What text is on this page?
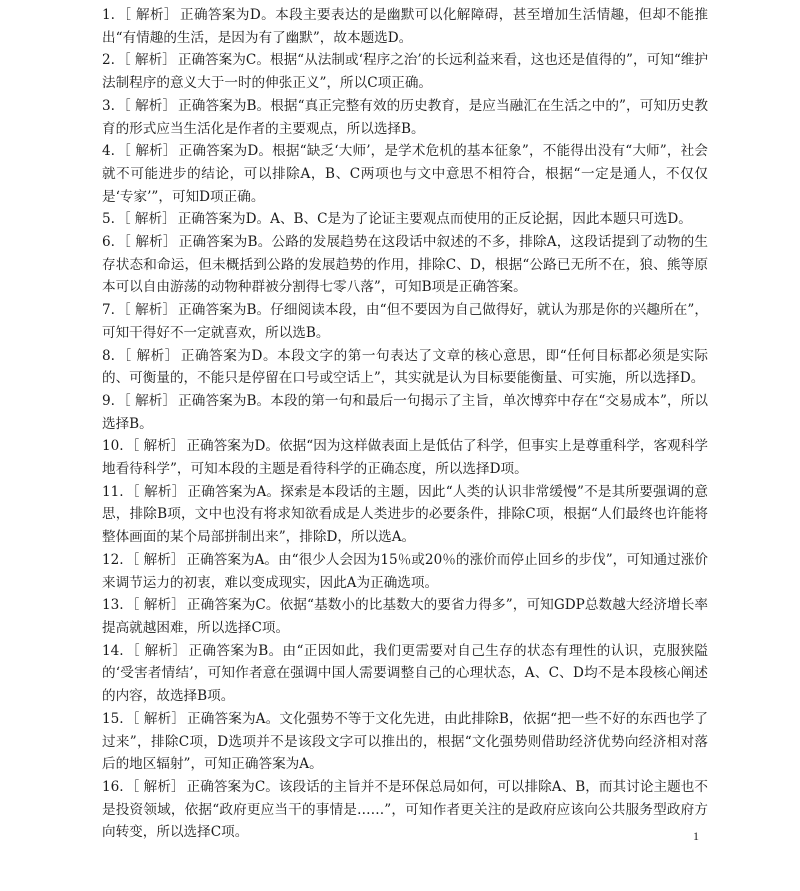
1. ［ 解析］ 正确答案为D。本段主要表达的是幽默可以化解障碍，甚至增加生活情趣，但却不能推出“有情趣的生活，是因为有了幽默”，故本题选D。

2. ［ 解析］ 正确答案为C。根据“从法制或‘程序之治’的长远利益来看，这也还是值得的”，可知“维护法制程序的意义大于一时的伸张正义”，所以C项正确。

3. ［ 解析］ 正确答案为B。根据“真正完整有效的历史教育，是应当融汇在生活之中的”，可知历史教育的形式应当生活化是作者的主要观点，所以选择B。

4. ［ 解析］ 正确答案为D。根据“缺乏‘大师’，是学术危机的基本征象”，不能得出没有“大师”，社会就不可能进步的结论，可以排除A，B、C两项也与文中意思不相符合，根据“一定是通人，不仅仅是‘专家’”，可知D项正确。

5. ［ 解析］ 正确答案为D。A、B、C是为了论证主要观点而使用的正反论据，因此本题只可选D。

6. ［ 解析］ 正确答案为B。公路的发展趋势在这段话中叙述的不多，排除A，这段话提到了动物的生存状态和命运，但未概括到公路的发展趋势的作用，排除C、D，根据“公路已无所不在，狼、熊等原本可以自由游荡的动物种群被分割得七零八落”，可知B项是正确答案。

7. ［ 解析］ 正确答案为B。仔细阅读本段，由“但不要因为自己做得好，就认为那是你的兴趣所在”，可知干得好不一定就喜欢，所以选B。

8. ［ 解析］ 正确答案为D。本段文字的第一句表达了文章的核心意思，即“任何目标都必须是实际的、可衡量的，不能只是停留在口号或空话上”，其实就是认为目标要能衡量、可实施，所以选择D。

9. ［ 解析］ 正确答案为B。本段的第一句和最后一句揭示了主旨，单次博弈中存在“交易成本”，所以选择B。

10. ［ 解析］ 正确答案为D。依据“因为这样做表面上是低估了科学，但事实上是尊重科学，客观科学地看待科学”，可知本段的主题是看待科学的正确态度，所以选择D项。

11. ［ 解析］ 正确答案为A。探索是本段话的主题，因此“人类的认识非常缓慢”不是其所要强调的意思，排除B项，文中也没有将求知欲看成是人类进步的必要条件，排除C项，根据“人们最终也许能将整体画面的某个局部拼制出来”，排除D，所以选A。

12. ［ 解析］ 正确答案为A。由“很少人会因为15％或20％的涨价而停止回乡的步伐”，可知通过涨价来调节运力的初衷，难以变成现实，因此A为正确选项。

13. ［ 解析］ 正确答案为C。依据“基数小的比基数大的要省力得多”，可知GDP总数越大经济增长率提高就越困难，所以选择C项。

14. ［ 解析］ 正确答案为B。由“正因如此，我们更需要对自己生存的状态有理性的认识，克服狭隘的‘受害者情结’，可知作者意在强调中国人需要调整自己的心理状态，A、C、D均不是本段核心阐述的内容，故选择B项。

15. ［ 解析］ 正确答案为A。文化强势不等于文化先进，由此排除B，依据“把一些不好的东西也学了过来”，排除C项，D选项并不是该段文字可以推出的，根据“文化强势则借助经济优势向经济相对落后的地区辐射”，可知正确答案为A。

16. ［ 解析］ 正确答案为C。该段话的主旨并不是环保总局如何，可以排除A、B，而其讨论主题也不是投资领域，依据“政府更应当干的事情是……”，可知作者更关注的是政府应该向公共服务型政府方向转变，所以选择C项。	1
